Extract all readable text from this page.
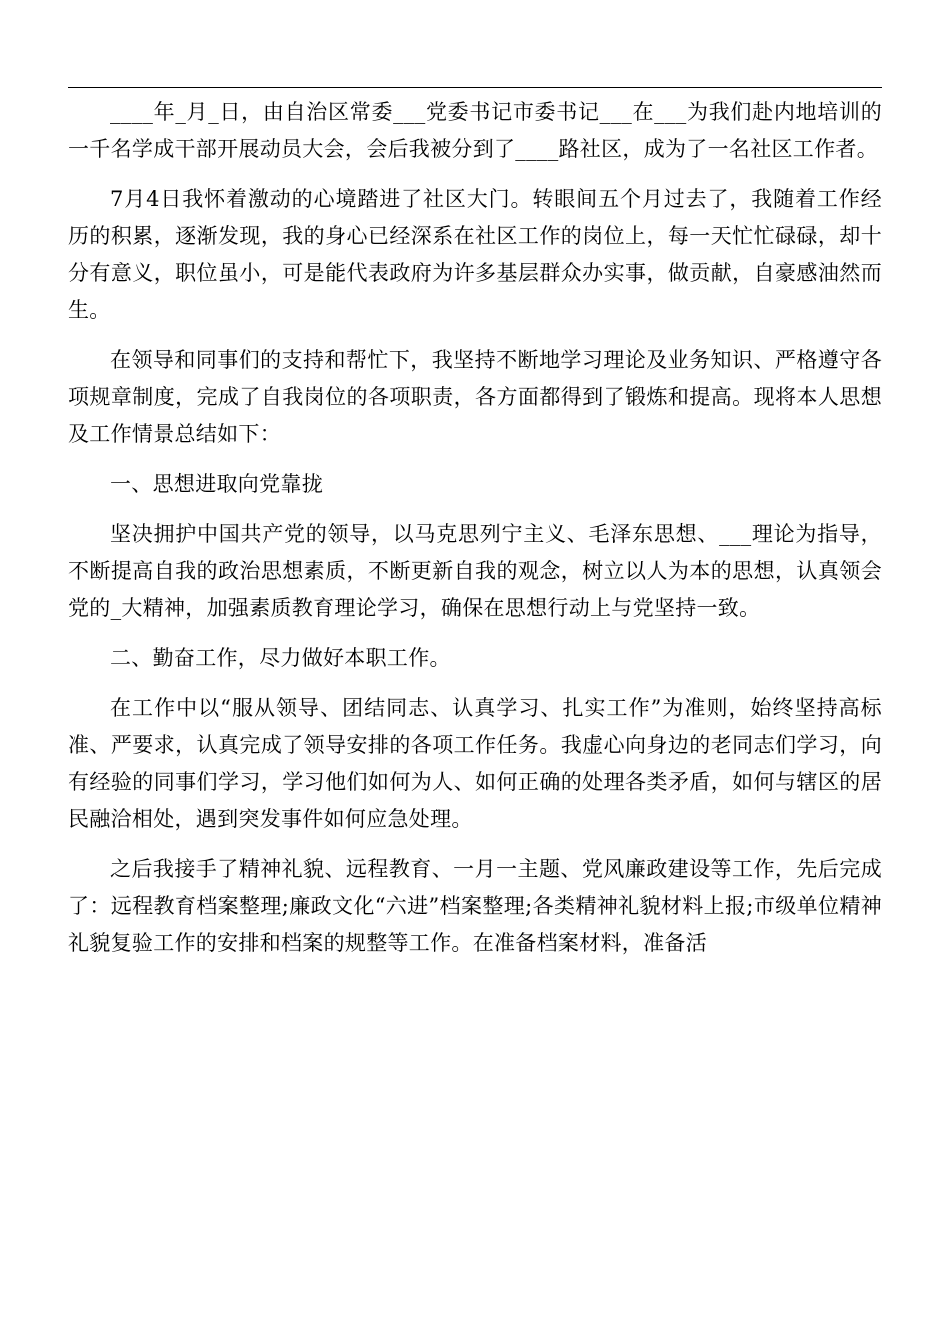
____年_月_日，由自治区常委___党委书记市委书记___在___为我们赴内地培训的一千名学成干部开展动员大会，会后我被分到了____路社区，成为了一名社区工作者。

7月4日我怀着激动的心境踏进了社区大门。转眼间五个月过去了，我随着工作经历的积累，逐渐发现，我的身心已经深系在社区工作的岗位上，每一天忙忙碌碌，却十分有意义，职位虽小，可是能代表政府为许多基层群众办实事，做贡献，自豪感油然而生。

在领导和同事们的支持和帮忙下，我坚持不断地学习理论及业务知识、严格遵守各项规章制度，完成了自我岗位的各项职责，各方面都得到了锻炼和提高。现将本人思想及工作情景总结如下：

一、思想进取向党靠拢

坚决拥护中国共产党的领导，以马克思列宁主义、毛泽东思想、___理论为指导，不断提高自我的政治思想素质，不断更新自我的观念，树立以人为本的思想，认真领会党的_大精神，加强素质教育理论学习，确保在思想行动上与党坚持一致。

二、勤奋工作，尽力做好本职工作。

在工作中以“服从领导、团结同志、认真学习、扎实工作”为准则，始终坚持高标准、严要求，认真完成了领导安排的各项工作任务。我虚心向身边的老同志们学习，向有经验的同事们学习，学习他们如何为人、如何正确的处理各类矛盾，如何与辖区的居民融洽相处，遇到突发事件如何应急处理。

之后我接手了精神礼貌、远程教育、一月一主题、党风廉政建设等工作，先后完成了：远程教育档案整理;廉政文化“六进”档案整理;各类精神礼貌材料上报;市级单位精神礼貌复验工作的安排和档案的规整等工作。在准备档案材料，准备活
